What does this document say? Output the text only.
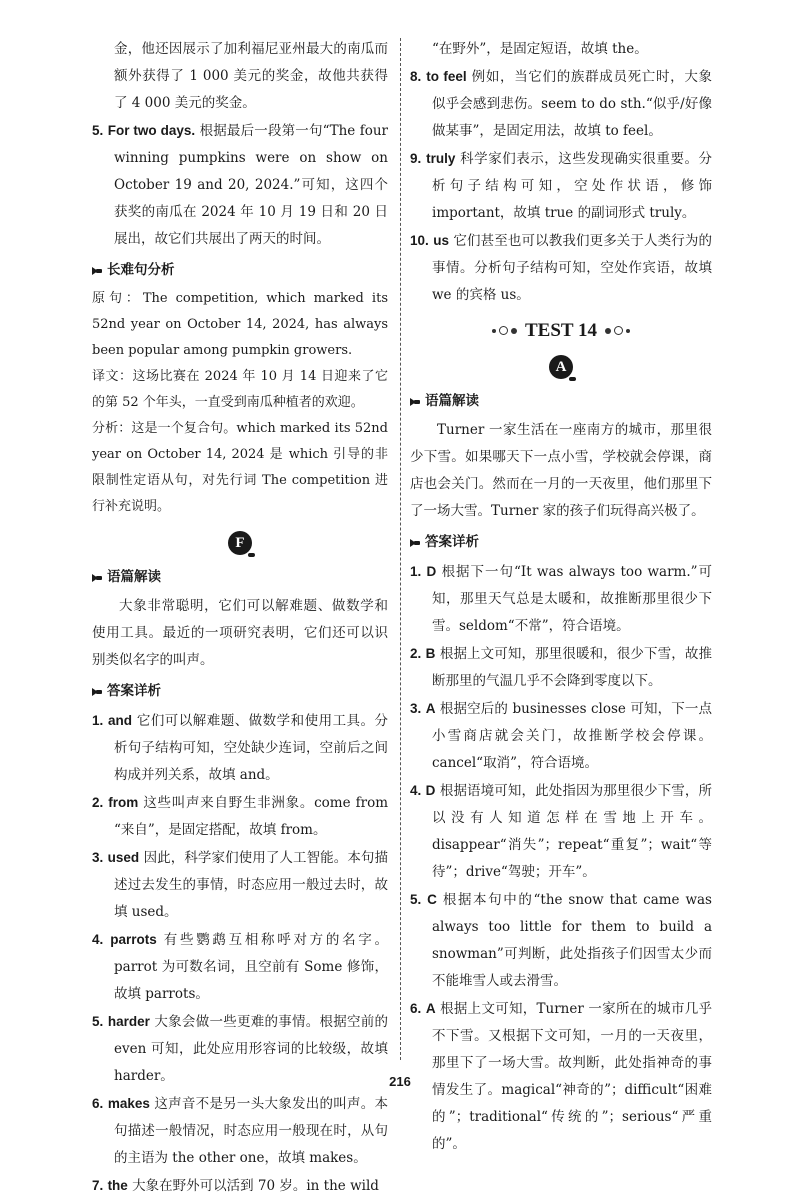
金，他还因展示了加利福尼亚州最大的南瓜而额外获得了 1 000 美元的奖金，故他共获得了 4 000 美元的奖金。

5. For two days. 根据最后一段第一句“The four winning pumpkins were on show on October 19 and 20, 2024.”可知，这四个获奖的南瓜在 2024 年 10 月 19 日和 20 日展出，故它们共展出了两天的时间。

长难句分析

原句：The competition, which marked its 52nd year on October 14, 2024, has always been popular among pumpkin growers.

译文：这场比赛在 2024 年 10 月 14 日迎来了它的第 52 个年头，一直受到南瓜种植者的欢迎。

分析：这是一个复合句。which marked its 52nd year on October 14, 2024 是 which 引导的非限制性定语从句，对先行词 The competition 进行补充说明。

F
语篇解读

大象非常聪明，它们可以解难题、做数学和使用工具。最近的一项研究表明，它们还可以识别类似名字的叫声。

答案详析

1. and 它们可以解难题、做数学和使用工具。分析句子结构可知，空处缺少连词，空前后之间构成并列关系，故填 and。

2. from 这些叫声来自野生非洲象。come from “来自”，是固定搭配，故填 from。

3. used 因此，科学家们使用了人工智能。本句描述过去发生的事情，时态应用一般过去时，故填 used。

4. parrots 有些鹦鹉互相称呼对方的名字。parrot 为可数名词，且空前有 Some 修饰，故填 parrots。

5. harder 大象会做一些更难的事情。根据空前的 even 可知，此处应用形容词的比较级，故填 harder。

6. makes 这声音不是另一头大象发出的叫声。本句描述一般情况，时态应用一般现在时，从句的主语为 the other one，故填 makes。

7. the 大象在野外可以活到 70 岁。in the wild

“在野外”，是固定短语，故填 the。

8. to feel 例如，当它们的族群成员死亡时，大象似乎会感到悲伤。seem to do sth.“似乎/好像做某事”，是固定用法，故填 to feel。

9. truly 科学家们表示，这些发现确实很重要。分析句子结构可知，空处作状语，修饰 important，故填 true 的副词形式 truly。

10. us 它们甚至也可以教我们更多关于人类行为的事情。分析句子结构可知，空处作宾语，故填 we 的宾格 us。

TEST 14
A
语篇解读

Turner 一家生活在一座南方的城市，那里很少下雪。如果哪天下一点小雪，学校就会停课，商店也会关门。然而在一月的一天夜里，他们那里下了一场大雪。Turner 家的孩子们玩得高兴极了。

答案详析

1. D 根据下一句“It was always too warm.”可知，那里天气总是太暖和，故推断那里很少下雪。seldom“不常”，符合语境。

2. B 根据上文可知，那里很暖和，很少下雪，故推断那里的气温几乎不会降到零度以下。

3. A 根据空后的 businesses close 可知，下一点小雪商店就会关门，故推断学校会停课。cancel“取消”，符合语境。

4. D 根据语境可知，此处指因为那里很少下雪，所以没有人知道怎样在雪地上开车。disappear“消失”；repeat“重复”；wait“等待”；drive“驾驶；开车”。

5. C 根据本句中的“the snow that came was always too little for them to build a snowman”可判断，此处指孩子们因雪太少而不能堆雪人或去滑雪。

6. A 根据上文可知，Turner 一家所在的城市几乎不下雪。又根据下文可知，一月的一天夜里，那里下了一场大雪。故判断，此处指神奇的事情发生了。magical“神奇的”；difficult“困难的”；traditional“传统的”；serious“严重的”。

216
